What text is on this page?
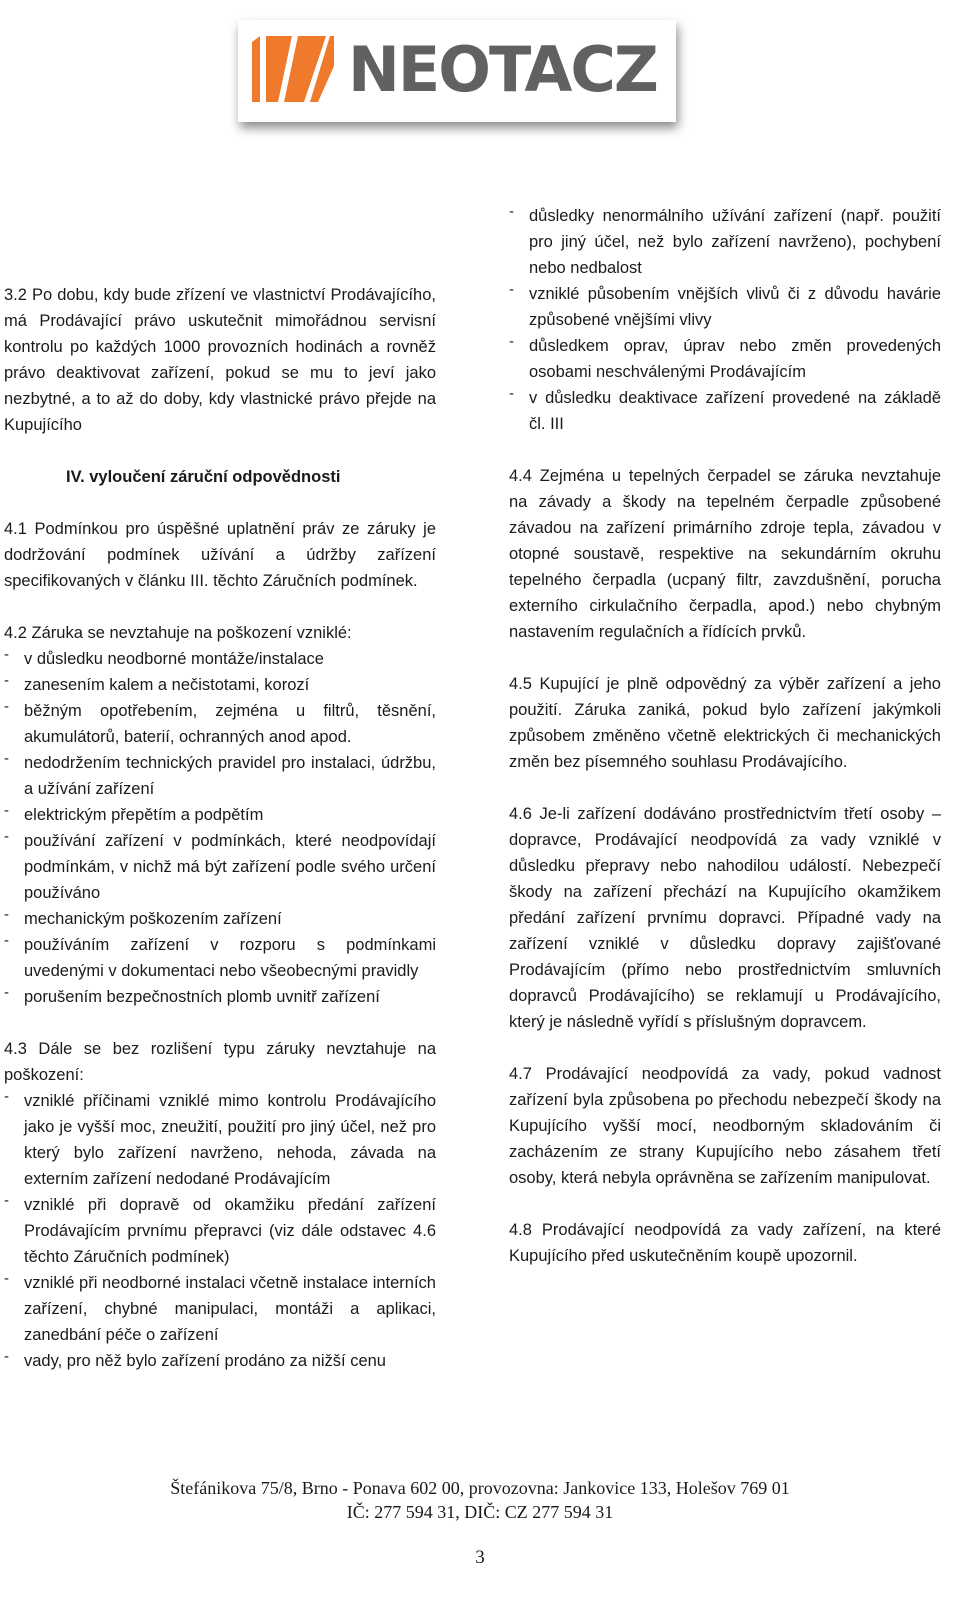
NEOTACZ

3.2 Po dobu, kdy bude zřízení ve vlastnictví Prodávajícího, má Prodávající právo uskutečnit mimořádnou servisní kontrolu po každých 1000 provozních hodinách a rovněž právo deaktivovat zařízení, pokud se mu to jeví jako nezbytné, a to až do doby, kdy vlastnické právo přejde na Kupujícího

IV. vyloučení záruční odpovědnosti

4.1 Podmínkou pro úspěšné uplatnění práv ze záruky je dodržování podmínek užívání a údržby zařízení specifikovaných v článku III. těchto Záručních podmínek.

4.2 Záruka se nevztahuje na poškození vzniklé:

- v důsledku neodborné montáže/instalace
- zanesením kalem a nečistotami, korozí
- běžným opotřebením, zejména u filtrů, těsnění, akumulátorů, baterií, ochranných anod apod.
- nedodržením technických pravidel pro instalaci, údržbu, a užívání zařízení
- elektrickým přepětím a podpětím
- používání zařízení v podmínkách, které neodpovídají podmínkám, v nichž má být zařízení podle svého určení používáno
- mechanickým poškozením zařízení
- používáním zařízení v rozporu s podmínkami uvedenými v dokumentaci nebo všeobecnými pravidly
- porušením bezpečnostních plomb uvnitř zařízení

4.3 Dále se bez rozlišení typu záruky nevztahuje na poškození:

- vzniklé příčinami vzniklé mimo kontrolu Prodávajícího jako je vyšší moc, zneužití, použití pro jiný účel, než pro který bylo zařízení navrženo, nehoda, závada na externím zařízení nedodané Prodávajícím
- vzniklé při dopravě od okamžiku předání zařízení Prodávajícím prvnímu přepravci (viz dále odstavec 4.6 těchto Záručních podmínek)
- vzniklé při neodborné instalaci včetně instalace interních zařízení, chybné manipulaci, montáži a aplikaci, zanedbání péče o zařízení
- vady, pro něž bylo zařízení prodáno za nižší cenu
- důsledky nenormálního užívání zařízení (např. použití pro jiný účel, než bylo zařízení navrženo), pochybení nebo nedbalost
- vzniklé působením vnějších vlivů či z důvodu havárie způsobené vnějšími vlivy
- důsledkem oprav, úprav nebo změn provedených osobami neschválenými Prodávajícím
- v důsledku deaktivace zařízení provedené na základě čl. III

4.4 Zejména u tepelných čerpadel se záruka nevztahuje na závady a škody na tepelném čerpadle způsobené závadou na zařízení primárního zdroje tepla, závadou v otopné soustavě, respektive na sekundárním okruhu tepelného čerpadla (ucpaný filtr, zavzdušnění, porucha externího cirkulačního čerpadla, apod.) nebo chybným nastavením regulačních a řídících prvků.

4.5 Kupující je plně odpovědný za výběr zařízení a jeho použití. Záruka zaniká, pokud bylo zařízení jakýmkoli způsobem změněno včetně elektrických či mechanických změn bez písemného souhlasu Prodávajícího.

4.6 Je-li zařízení dodáváno prostřednictvím třetí osoby – dopravce, Prodávající neodpovídá za vady vzniklé v důsledku přepravy nebo nahodilou událostí. Nebezpečí škody na zařízení přechází na Kupujícího okamžikem předání zařízení prvnímu dopravci. Případné vady na zařízení vzniklé v důsledku dopravy zajišťované Prodávajícím (přímo nebo prostřednictvím smluvních dopravců Prodávajícího) se reklamují u Prodávajícího, který je následně vyřídí s příslušným dopravcem.

4.7 Prodávající neodpovídá za vady, pokud vadnost zařízení byla způsobena po přechodu nebezpečí škody na Kupujícího vyšší mocí, neodborným skladováním či zacházením ze strany Kupujícího nebo zásahem třetí osoby, která nebyla oprávněna se zařízením manipulovat.

4.8 Prodávající neodpovídá za vady zařízení, na které Kupujícího před uskutečněním koupě upozornil.

Štefánikova 75/8, Brno - Ponava 602 00, provozovna: Jankovice 133, Holešov 769 01
IČ: 277 594 31, DIČ: CZ 277 594 31
3
